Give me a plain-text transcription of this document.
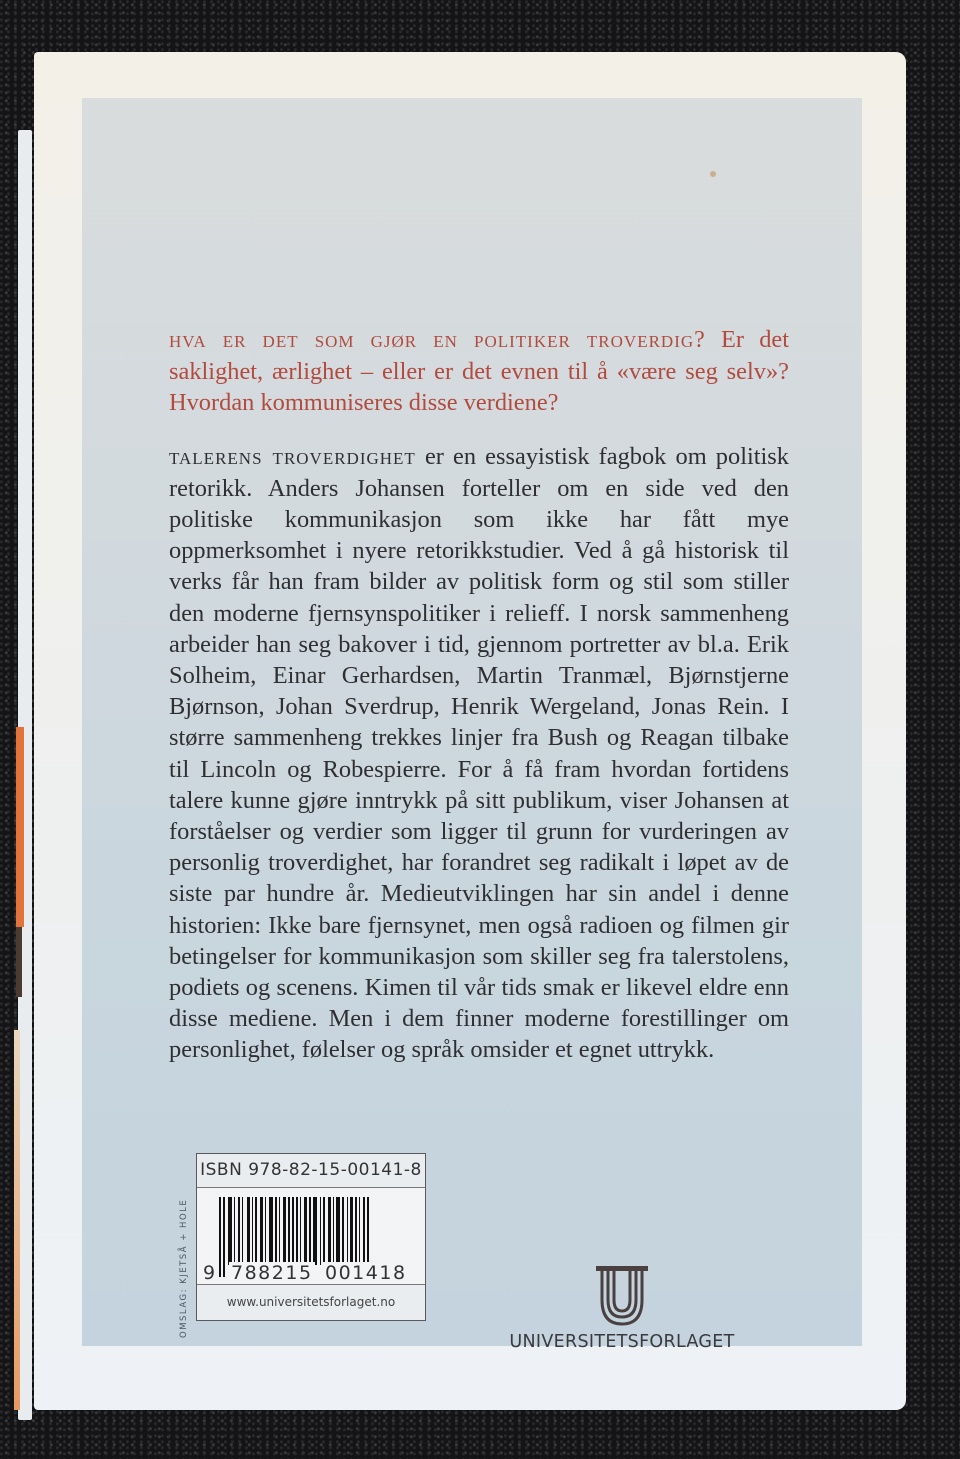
hva er det som gjør en politiker troverdig? Er det saklighet, ærlighet – eller er det evnen til å «være seg selv»? Hvordan kommuniseres disse verdiene?

talerens troverdighet er en essayistisk fagbok om politisk retorikk. Anders Johansen forteller om en side ved den politiske kommunikasjon som ikke har fått mye oppmerksomhet i nyere retorikkstudier. Ved å gå historisk til verks får han fram bilder av politisk form og stil som stiller den moderne fjernsynspolitiker i relieff. I norsk sammenheng arbeider han seg bakover i tid, gjennom portretter av bl.a. Erik Solheim, Einar Gerhardsen, Martin Tranmæl, Bjørnstjerne Bjørnson, Johan Sverdrup, Henrik Wergeland, Jonas Rein. I større sammenheng trekkes linjer fra Bush og Reagan tilbake til Lincoln og Robespierre. For å få fram hvordan fortidens talere kunne gjøre inntrykk på sitt publikum, viser Johansen at forståelser og verdier som ligger til grunn for vurderingen av personlig troverdighet, har forandret seg radikalt i løpet av de siste par hundre år. Medieutviklingen har sin andel i denne historien: Ikke bare fjernsynet, men også radioen og filmen gir betingelser for kommunikasjon som skiller seg fra talerstolens, podiets og scenens. Kimen til vår tids smak er likevel eldre enn disse mediene. Men i dem finner moderne forestillinger om personlighet, følelser og språk omsider et egnet uttrykk.

OMSLAG: KJETSÅ + HOLE
ISBN 978-82-15-00141-8
9 788215 001418
www.universitetsforlaget.no
UNIVERSITETSFORLAGET
